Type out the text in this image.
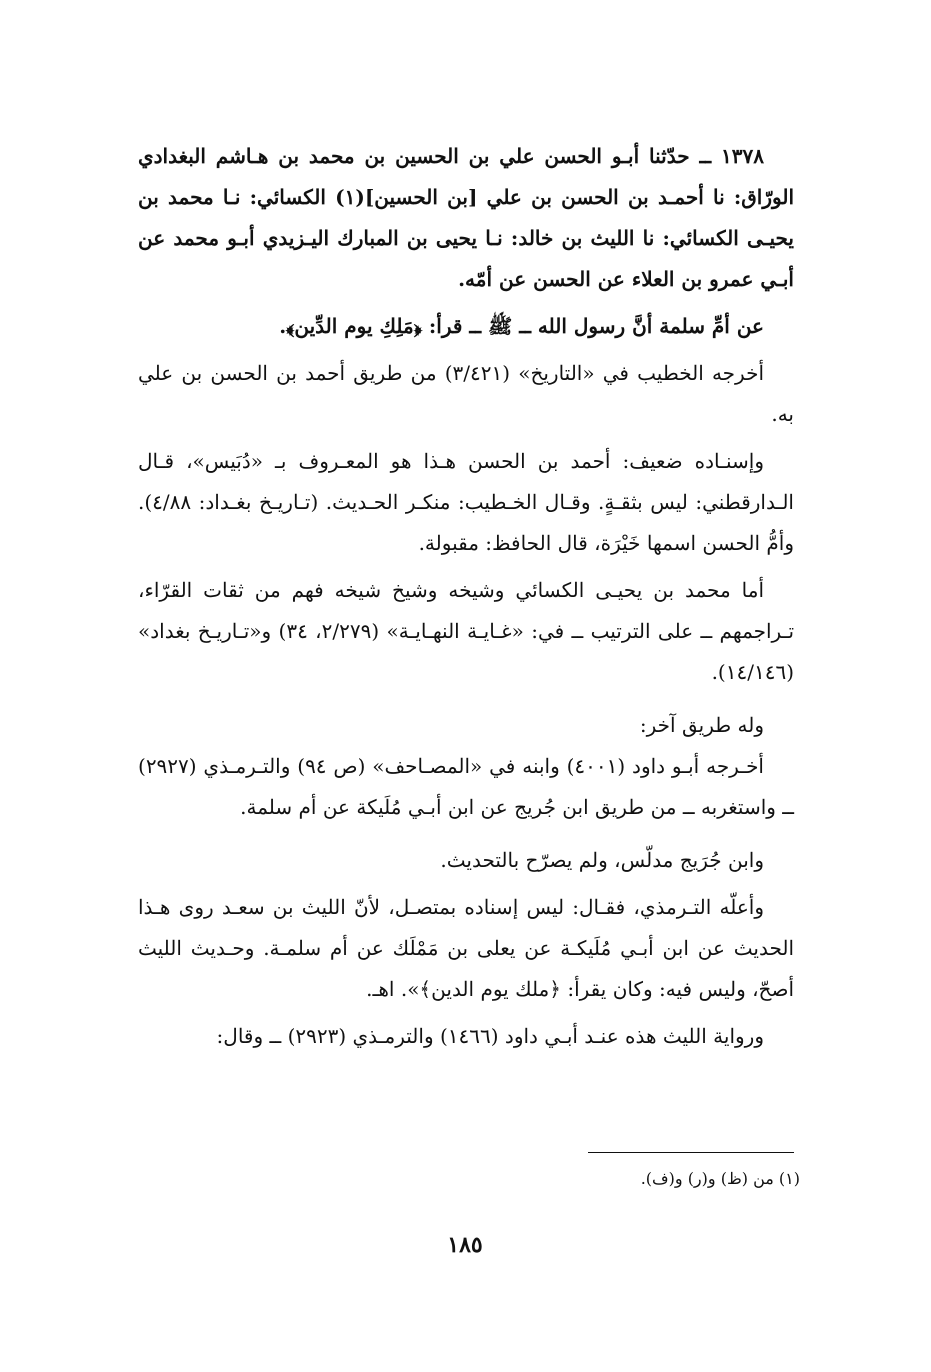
١٣٧٨ ــ حدّثنا أبـو الحسن علي بن الحسين بن محمد بن هـاشم البغدادي الورّاق: نا أحمـد بن الحسن بن علي [بن الحسين](١) الكسائي: نـا محمد بن يحيـى الكسائي: نا الليث بن خالد: نـا يحيى بن المبارك اليـزيدي أبـو محمد عن أبـي عمرو بن العلاء عن الحسن عن أمّه.

عن أمِّ سلمة أنَّ رسول الله ــ ﷺ ــ قرأ: ﴿مَلِكِ يوم الدِّين﴾.

أخرجه الخطيب في «التاريخ» (٣/٤٢١) من طريق أحمد بن الحسن بن علي به.

وإسنـاده ضعيف: أحمد بن الحسن هـذا هو المعـروف بـ «دُبَيس»، قـال الـدارقطني: ليس بثقـةٍ. وقـال الخـطيب: منكـر الحـديث. (تـاريـخ بغـداد: ٤/٨٨). وأمُّ الحسن اسمها خَيْرَة، قال الحافظ: مقبولة.

أما محمد بن يحيـى الكسائي وشيخه وشيخ شيخه فهم من ثقات القرّاء، تـراجمهم ــ على الترتيب ــ في: «غـايـة النهـايـة» (٢/٢٧٩، ٣٤) و«تـاريـخ بغداد» (١٤/١٤٦).

وله طريق آخر:

أخـرجه أبـو داود (٤٠٠١) وابنه في «المصـاحف» (ص ٩٤) والتـرمـذي (٢٩٢٧) ــ واستغربه ــ من طريق ابن جُريج عن ابن أبـي مُلَيكة عن أم سلمة.

وابن جُرَيج مدلّس، ولم يصرّح بالتحديث.

وأعلّه التـرمذي، فقـال: ليس إسناده بمتصـل، لأنّ الليث بن سعـد روى هـذا الحديث عن ابن أبـي مُلَيكـة عن يعلى بن مَمْلَك عن أم سلمـة. وحـديث الليث أصحّ، وليس فيه: وكان يقرأ: ﴿ملك يوم الدين﴾». اهـ.

ورواية الليث هذه عنـد أبـي داود (١٤٦٦) والترمـذي (٢٩٢٣) ــ وقال:

(١) من (ظ) و(ر) و(ف).
١٨٥
